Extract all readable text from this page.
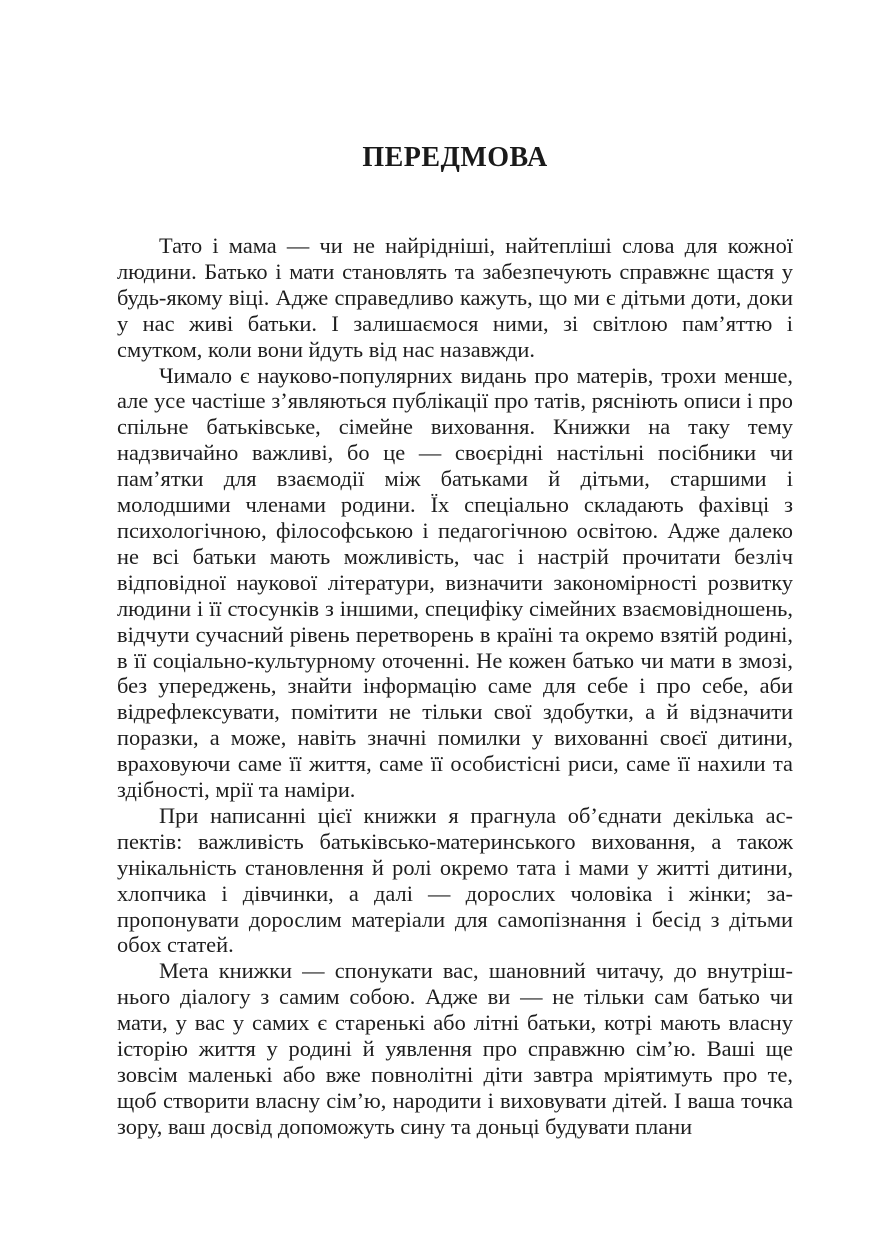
ПЕРЕДМОВА

Тато і мама — чи не найрідніші, найтепліші слова для кожної людини. Батько і мати становлять та забезпечують справжнє щастя у будь-якому віці. Адже справедливо кажуть, що ми є дітьми доти, доки у нас живі батьки. І залишаємося ними, зі світлою пам’яттю і смутком, коли вони йдуть від нас назавжди.

Чимало є науково-популярних видань про матерів, трохи менше, але усе частіше з’являються публікації про татів, рясніють описи і про спільне батьківське, сімейне виховання. Книжки на таку тему надзвичайно важливі, бо це — своєрідні настільні посібники чи пам’ятки для взаємодії між батьками й дітьми, старшими і молодшими членами родини. Їх спеціально складають фахівці з психологічною, філософською і педагогічною освітою. Адже далеко не всі батьки мають можливість, час і настрій прочитати безліч відповідної наукової літератури, визначити закономірності розвитку людини і її стосунків з іншими, специфіку сімейних взаємовідношень, відчути сучасний рівень перетворень в країні та окремо взятій родині, в її соціально-культурному оточенні. Не кожен батько чи мати в змозі, без упереджень, знайти інформацію саме для себе і про себе, аби відрефлексувати, помітити не тільки свої здобутки, а й відзначити поразки, а може, навіть значні помилки у вихованні своєї дитини, враховуючи саме її життя, саме її особистісні риси, саме її нахили та здібності, мрії та наміри.

При написанні цієї книжки я прагнула об’єднати декілька аспектів: важливість батьківсько-материнського виховання, а також унікальність становлення й ролі окремо тата і мами у житті дитини, хлопчика і дівчинки, а далі — дорослих чоловіка і жінки; запропонувати дорослим матеріали для самопізнання і бесід з дітьми обох статей.

Мета книжки — спонукати вас, шановний читачу, до внутрішнього діалогу з самим собою. Адже ви — не тільки сам батько чи мати, у вас у самих є старенькі або літні батьки, котрі мають власну історію життя у родині й уявлення про справжню сім’ю. Ваші ще зовсім маленькі або вже повнолітні діти завтра мріятимуть про те, щоб створити власну сім’ю, народити і виховувати дітей. І ваша точка зору, ваш досвід допоможуть сину та доньці будувати плани
